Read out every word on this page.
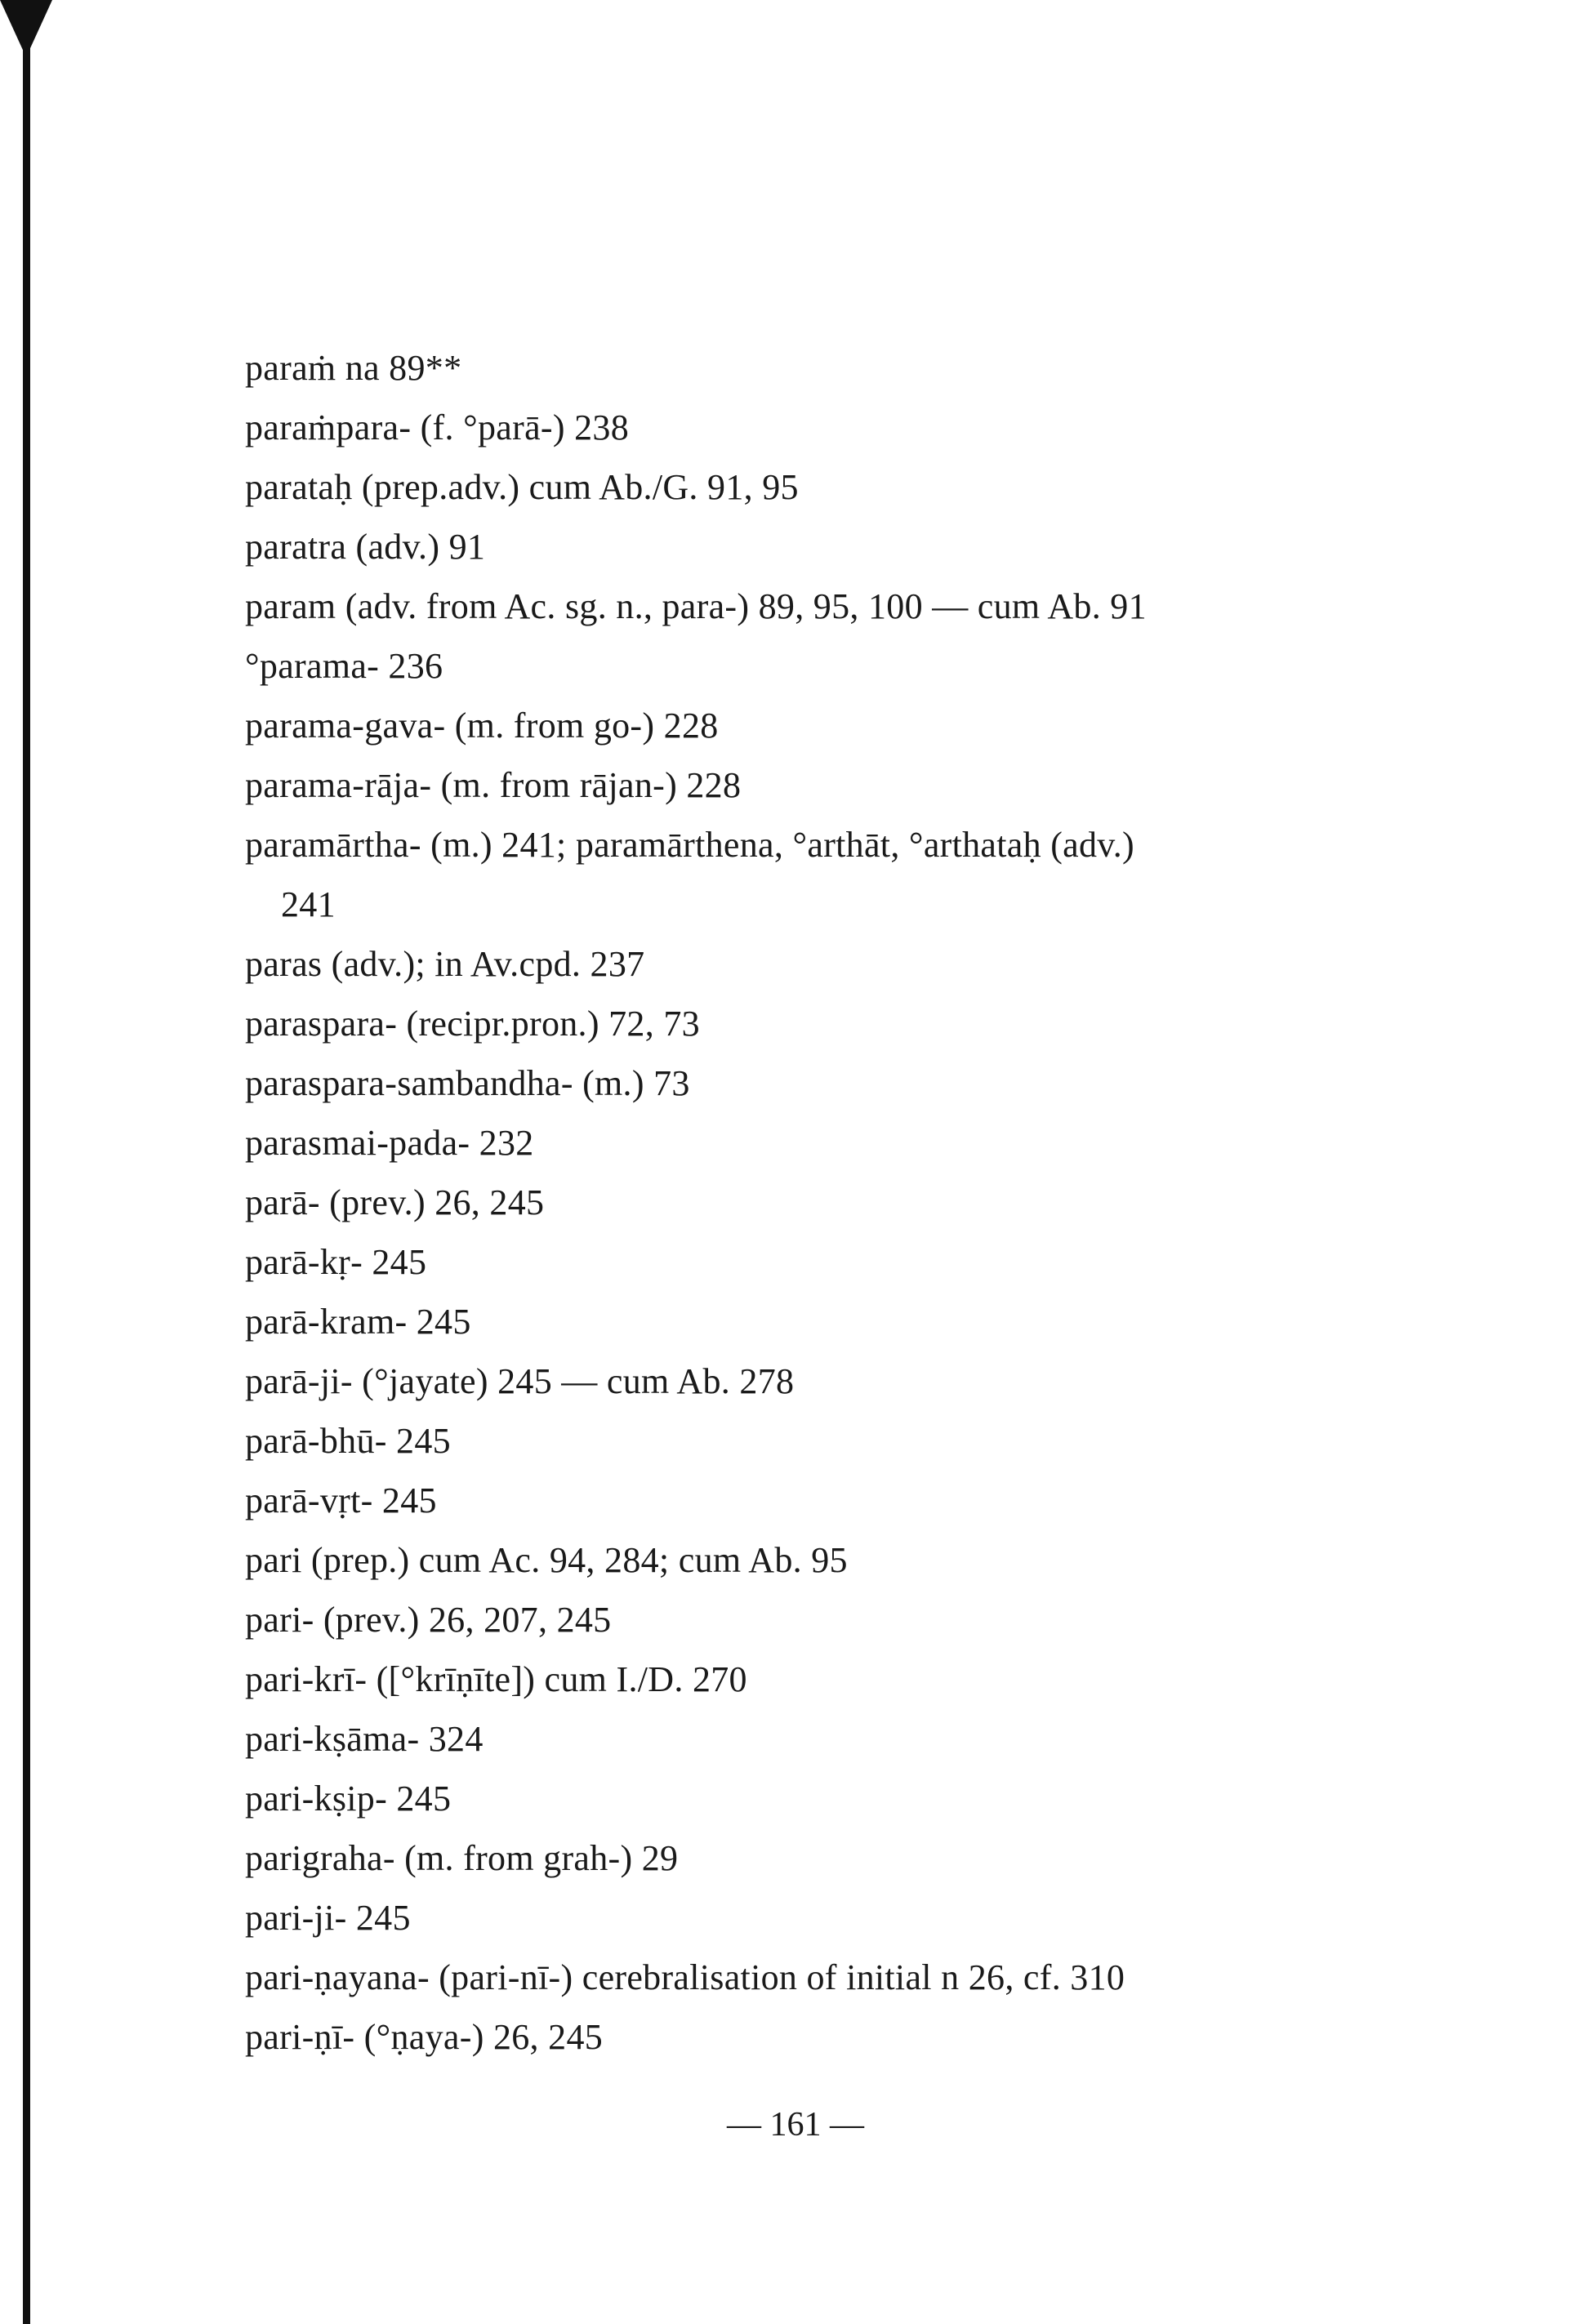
paraṁ na 89**
paraṁpara- (f. °parā-) 238
parataḥ (prep.adv.) cum Ab./G. 91, 95
paratra (adv.) 91
param (adv. from Ac. sg. n., para-) 89, 95, 100 — cum Ab. 91
°parama- 236
parama-gava- (m. from go-) 228
parama-rāja- (m. from rājan-) 228
paramārtha- (m.) 241; paramārthena, °arthāt, °arthataḥ (adv.)
241
paras (adv.); in Av.cpd. 237
paraspara- (recipr.pron.) 72, 73
paraspara-sambandha- (m.) 73
parasmai-pada- 232
parā- (prev.) 26, 245
parā-kṛ- 245
parā-kram- 245
parā-ji- (°jayate) 245 — cum Ab. 278
parā-bhū- 245
parā-vṛt- 245
pari (prep.) cum Ac. 94, 284; cum Ab. 95
pari- (prev.) 26, 207, 245
pari-krī- ([°krīṇīte]) cum I./D. 270
pari-kṣāma- 324
pari-kṣip- 245
parigraha- (m. from grah-) 29
pari-ji- 245
pari-ṇayana- (pari-nī-) cerebralisation of initial n 26, cf. 310
pari-ṇī- (°ṇaya-) 26, 245
— 161 —
